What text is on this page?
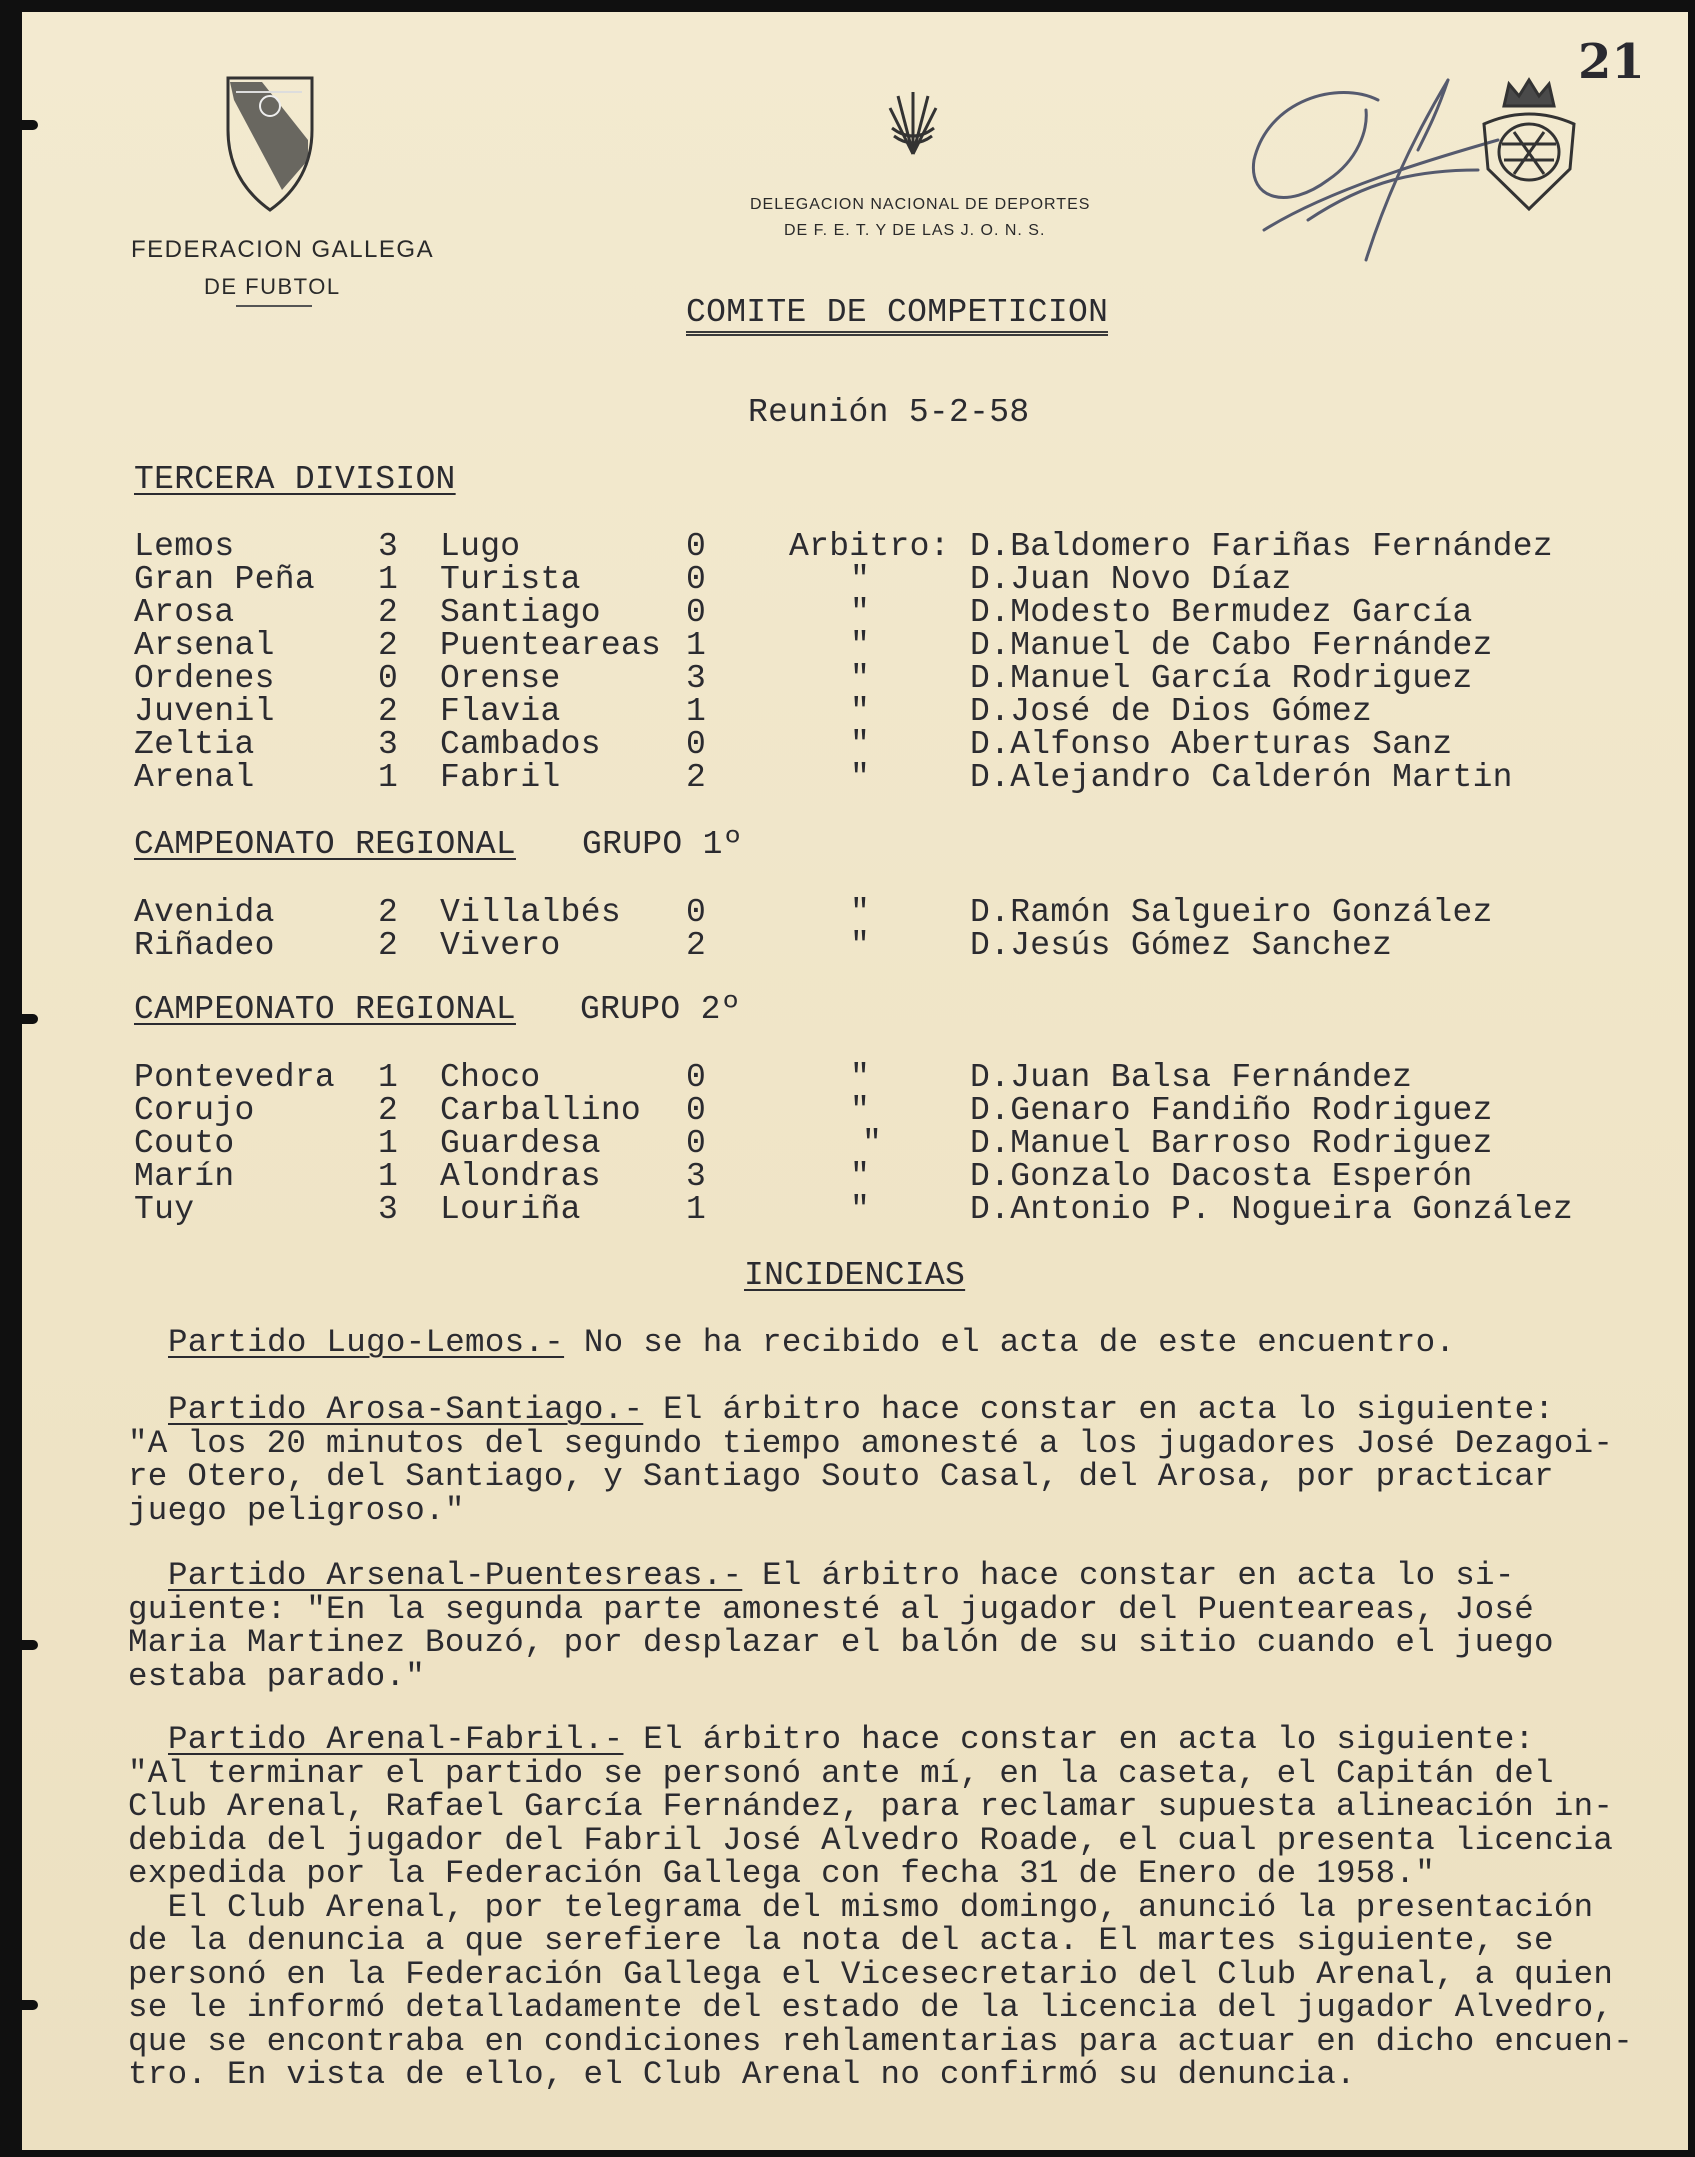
21
FEDERACION GALLEGA
DE FUBTOL
DELEGACION NACIONAL DE DEPORTES
DE F. E. T. Y DE LAS J. O. N. S.
COMITE DE COMPETICION
Reunión 5-2-58
TERCERA DIVISION
Lemos	3 Lugo	0	Arbitro: D.Baldomero Fariñas Fernández
Gran Peña 1 Turista	0	"	D.Juan Novo Díaz
Arosa	2 Santiago	0	"	D.Modesto Bermudez García
Arsenal	2 Puenteareas 1	"	D.Manuel de Cabo Fernández
Ordenes	0 Orense	3	"	D.Manuel García Rodriguez
Juvenil	2 Flavia	1	"	D.José de Dios Gómez
Zeltia	3 Cambados	0	"	D.Alfonso Aberturas Sanz
Arenal	1 Fabril	2	"	D.Alejandro Calderón Martin
CAMPEONATO REGIONAL GRUPO 1º
Avenida	2 Villalbés 0	"	D.Ramón Salgueiro González
Riñadeo	2 Vivero	2	"	D.Jesús Gómez Sanchez
CAMPEONATO REGIONAL GRUPO 2º
Pontevedra 1 Choco	0	"	D.Juan Balsa Fernández
Corujo	2 Carballino 0	"	D.Genaro Fandiño Rodriguez
Couto	1 Guardesa	0	"	D.Manuel Barroso Rodriguez
Marín	1 Alondras	3	"	D.Gonzalo Dacosta Esperón
Tuy	3 Louriña	1	"	D.Antonio P. Nogueira González
INCIDENCIAS
Partido Lugo-Lemos.- No se ha recibido el acta de este encuentro.
Partido Arosa-Santiago.- El árbitro hace constar en acta lo siguiente:
"A los 20 minutos del segundo tiempo amonesté a los jugadores José Dezagoi-
re Otero, del Santiago, y Santiago Souto Casal, del Arosa, por practicar
juego peligroso."
Partido Arsenal-Puentesreas.- El árbitro hace constar en acta lo si-
guiente: "En la segunda parte amonesté al jugador del Puenteareas, José
Maria Martinez Bouzó, por desplazar el balón de su sitio cuando el juego
estaba parado."
Partido Arenal-Fabril.- El árbitro hace constar en acta lo siguiente:
"Al terminar el partido se personó ante mí, en la caseta, el Capitán del
Club Arenal, Rafael García Fernández, para reclamar supuesta alineación in-
debida del jugador del Fabril José Alvedro Roade, el cual presenta licencia
expedida por la Federación Gallega con fecha 31 de Enero de 1958."
El Club Arenal, por telegrama del mismo domingo, anunció la presentación
de la denuncia a que serefiere la nota del acta. El martes siguiente, se
personó en la Federación Gallega el Vicesecretario del Club Arenal, a quien
se le informó detalladamente del estado de la licencia del jugador Alvedro,
que se encontraba en condiciones rehlamentarias para actuar en dicho encuen-
tro. En vista de ello, el Club Arenal no confirmó su denuncia.
